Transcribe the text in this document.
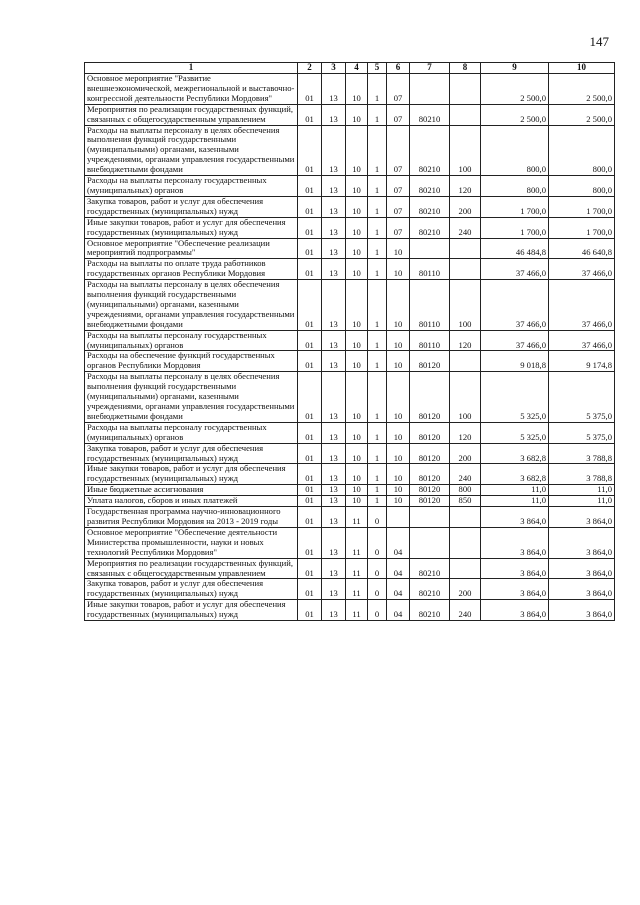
147
1	2	3	4	5	6	7	8	9	10
Основное мероприятие "Развитие внешнеэкономической, межрегиональной и выставочно-конгрессной деятельности Республики Мордовия"	01	13	10	1	07			2 500,0	2 500,0
Мероприятия по реализации государственных функций, связанных с общегосударственным управлением	01	13	10	1	07	80210		2 500,0	2 500,0
Расходы на выплаты персоналу в целях обеспечения выполнения функций государственными (муниципальными) органами, казенными учреждениями, органами управления государственными внебюджетными фондами	01	13	10	1	07	80210	100	800,0	800,0
Расходы на выплаты персоналу государственных (муниципальных) органов	01	13	10	1	07	80210	120	800,0	800,0
Закупка товаров, работ и услуг для обеспечения государственных (муниципальных) нужд	01	13	10	1	07	80210	200	1 700,0	1 700,0
Иные закупки товаров, работ и услуг для обеспечения государственных (муниципальных) нужд	01	13	10	1	07	80210	240	1 700,0	1 700,0
Основное мероприятие "Обеспечение реализации мероприятий подпрограммы"	01	13	10	1	10			46 484,8	46 640,8
Расходы на выплаты по оплате труда работников государственных органов Республики Мордовия	01	13	10	1	10	80110		37 466,0	37 466,0
Расходы на выплаты персоналу в целях обеспечения выполнения функций государственными (муниципальными) органами, казенными учреждениями, органами управления государственными внебюджетными фондами	01	13	10	1	10	80110	100	37 466,0	37 466,0
Расходы на выплаты персоналу государственных (муниципальных) органов	01	13	10	1	10	80110	120	37 466,0	37 466,0
Расходы на обеспечение функций государственных органов Республики Мордовия	01	13	10	1	10	80120		9 018,8	9 174,8
Расходы на выплаты персоналу в целях обеспечения выполнения функций государственными (муниципальными) органами, казенными учреждениями, органами управления государственными внебюджетными фондами	01	13	10	1	10	80120	100	5 325,0	5 375,0
Расходы на выплаты персоналу государственных (муниципальных) органов	01	13	10	1	10	80120	120	5 325,0	5 375,0
Закупка товаров, работ и услуг для обеспечения государственных (муниципальных) нужд	01	13	10	1	10	80120	200	3 682,8	3 788,8
Иные закупки товаров, работ и услуг для обеспечения государственных (муниципальных) нужд	01	13	10	1	10	80120	240	3 682,8	3 788,8
Иные бюджетные ассигнования	01	13	10	1	10	80120	800	11,0	11,0
Уплата налогов, сборов и иных платежей	01	13	10	1	10	80120	850	11,0	11,0
Государственная программа научно-инновационного развития Республики Мордовия на 2013 - 2019 годы	01	13	11	0				3 864,0	3 864,0
Основное мероприятие "Обеспечение деятельности Министерства промышленности, науки и новых технологий Республики Мордовия"	01	13	11	0	04			3 864,0	3 864,0
Мероприятия по реализации государственных функций, связанных с общегосударственным управлением	01	13	11	0	04	80210		3 864,0	3 864,0
Закупка товаров, работ и услуг для обеспечения государственных (муниципальных) нужд	01	13	11	0	04	80210	200	3 864,0	3 864,0
Иные закупки товаров, работ и услуг для обеспечения государственных (муниципальных) нужд	01	13	11	0	04	80210	240	3 864,0	3 864,0
